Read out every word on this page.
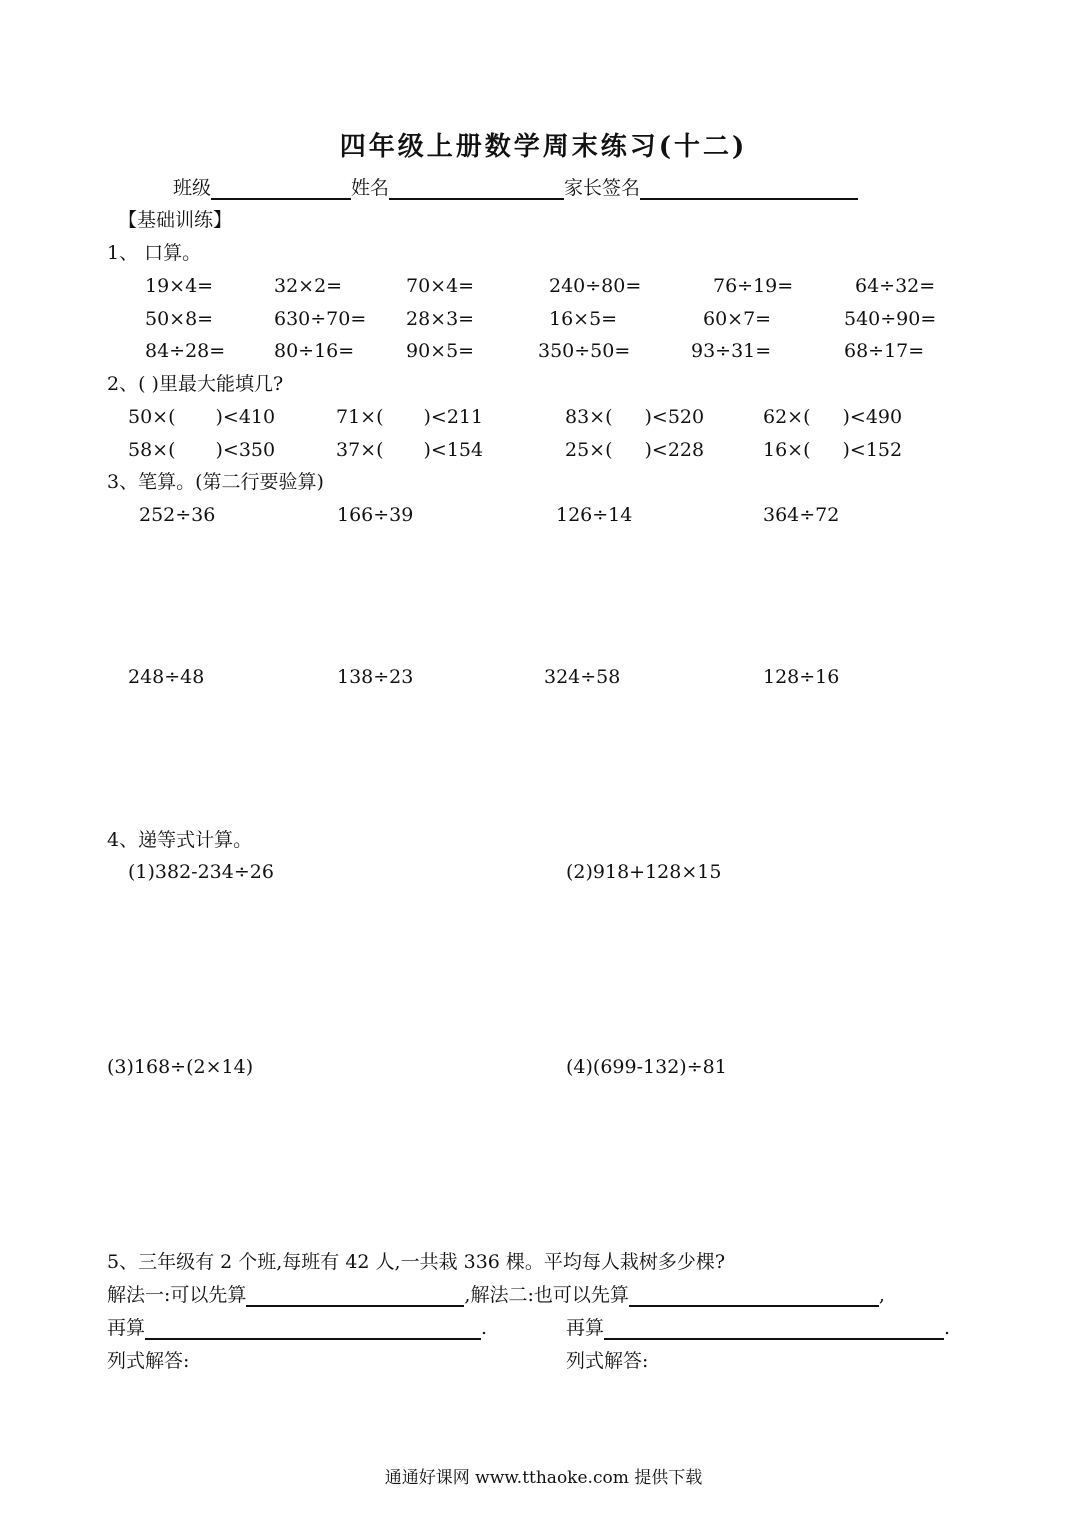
四年级上册数学周末练习(十二)
班级	姓名	家长签名
【基础训练】
1、 口算。
19×4=	32×2=	70×4=	240÷80=	76÷19=	64÷32=
50×8=	630÷70= 28×3=	16×5=	60×7=	540÷90=
84÷28=	80÷16=	90×5=	350÷50=	93÷31=	68÷17=
2、( )里最大能填几?
50×( )<410	71×( )<211	83×( )<520	62×( )<490
58×( )<350	37×( )<154	25×( )<228	16×( )<152
3、笔算。(第二行要验算)
252÷36	166÷39	126÷14	364÷72
248÷48	138÷23	324÷58	128÷16
4、递等式计算。
(1)382-234÷26	(2)918+128×15
(3)168÷(2×14)	(4)(699-132)÷81
5、三年级有 2 个班,每班有 42 人,一共栽 336 棵。平均每人栽树多少棵?
解法一:可以先算	,解法二:也可以先算	,
再算	.	再算	.
列式解答:	列式解答:
通通好课网 www.tthaoke.com 提供下载
